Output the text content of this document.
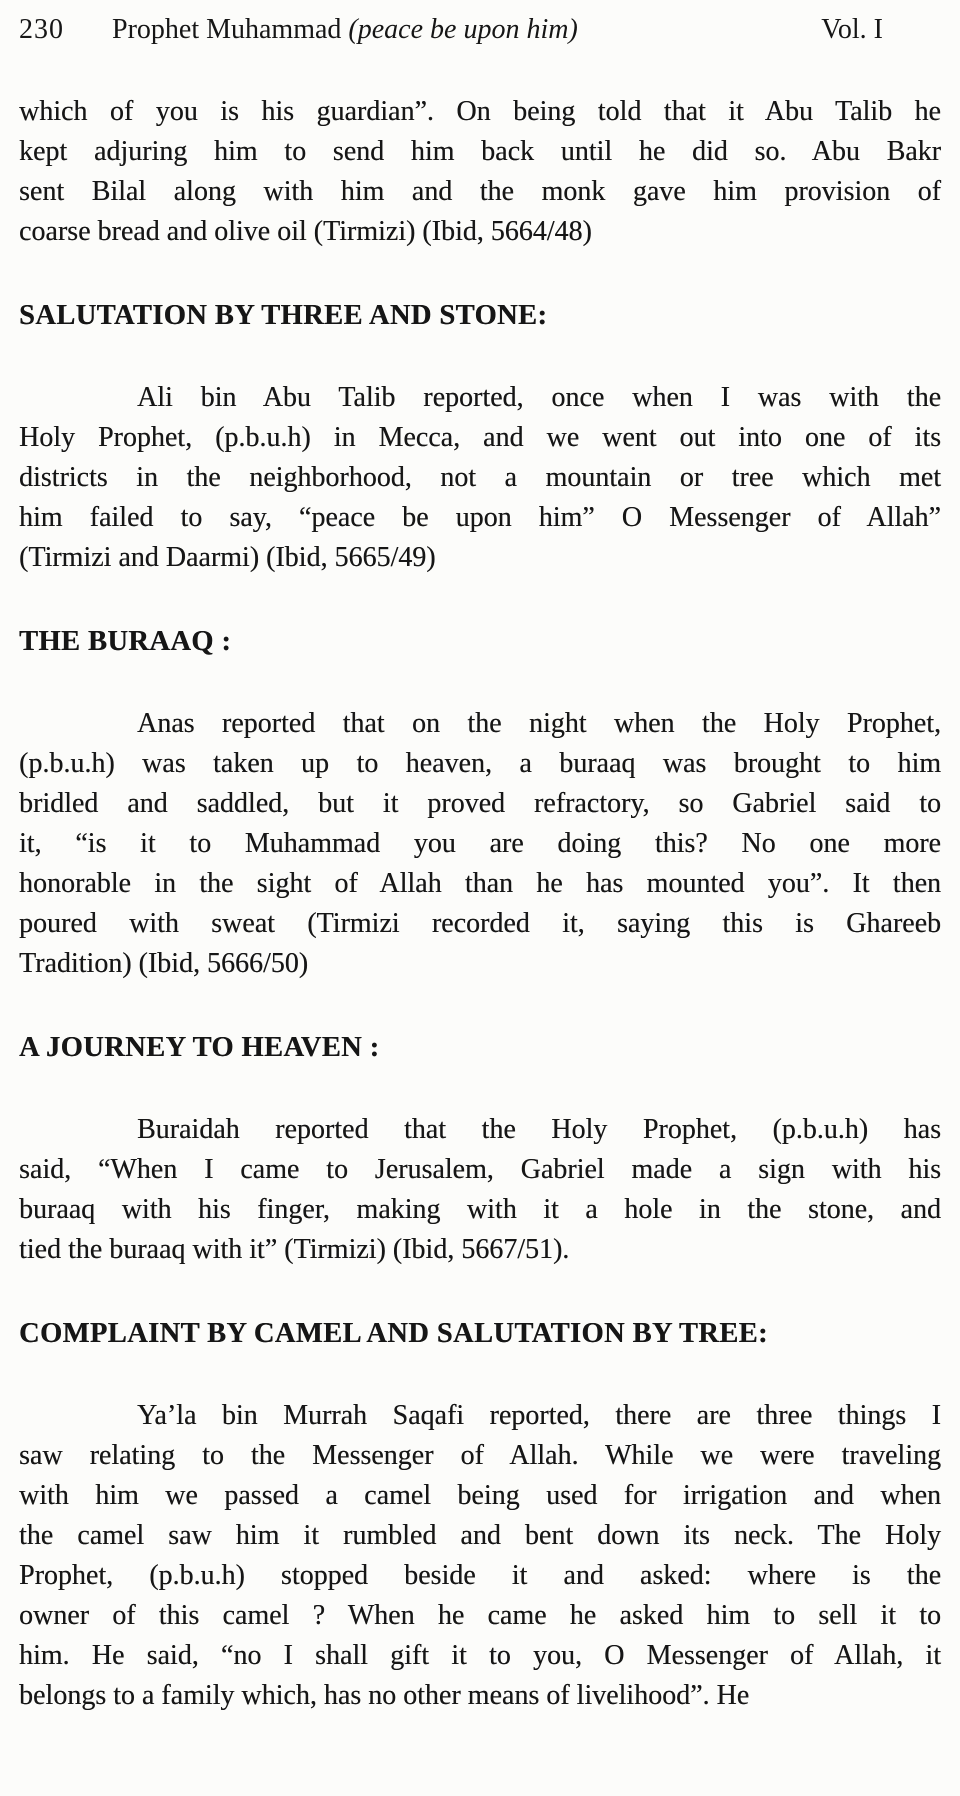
230 Prophet Muhammad (peace be upon him)	Vol. I
which of you is his guardian”. On being told that it Abu Talib he
kept adjuring him to send him back until he did so. Abu Bakr
sent Bilal along with him and the monk gave him provision of
coarse bread and olive oil (Tirmizi) (Ibid, 5664/48)
SALUTATION BY THREE AND STONE:
Ali bin Abu Talib reported, once when I was with the
Holy Prophet, (p.b.u.h) in Mecca, and we went out into one of its
districts in the neighborhood, not a mountain or tree which met
him failed to say, “peace be upon him” O Messenger of Allah”
(Tirmizi and Daarmi) (Ibid, 5665/49)
THE BURAAQ :
Anas reported that on the night when the Holy Prophet,
(p.b.u.h) was taken up to heaven, a buraaq was brought to him
bridled and saddled, but it proved refractory, so Gabriel said to
it, “is it to Muhammad you are doing this? No one more
honorable in the sight of Allah than he has mounted you”. It then
poured with sweat (Tirmizi recorded it, saying this is Ghareeb
Tradition) (Ibid, 5666/50)
A JOURNEY TO HEAVEN :
Buraidah reported that the Holy Prophet, (p.b.u.h) has
said, “When I came to Jerusalem, Gabriel made a sign with his
buraaq with his finger, making with it a hole in the stone, and
tied the buraaq with it” (Tirmizi) (Ibid, 5667/51).
COMPLAINT BY CAMEL AND SALUTATION BY TREE:
Ya’la bin Murrah Saqafi reported, there are three things I
saw relating to the Messenger of Allah. While we were traveling
with him we passed a camel being used for irrigation and when
the camel saw him it rumbled and bent down its neck. The Holy
Prophet, (p.b.u.h) stopped beside it and asked: where is the
owner of this camel ? When he came he asked him to sell it to
him. He said, “no I shall gift it to you, O Messenger of Allah, it
belongs to a family which, has no other means of livelihood”. He
